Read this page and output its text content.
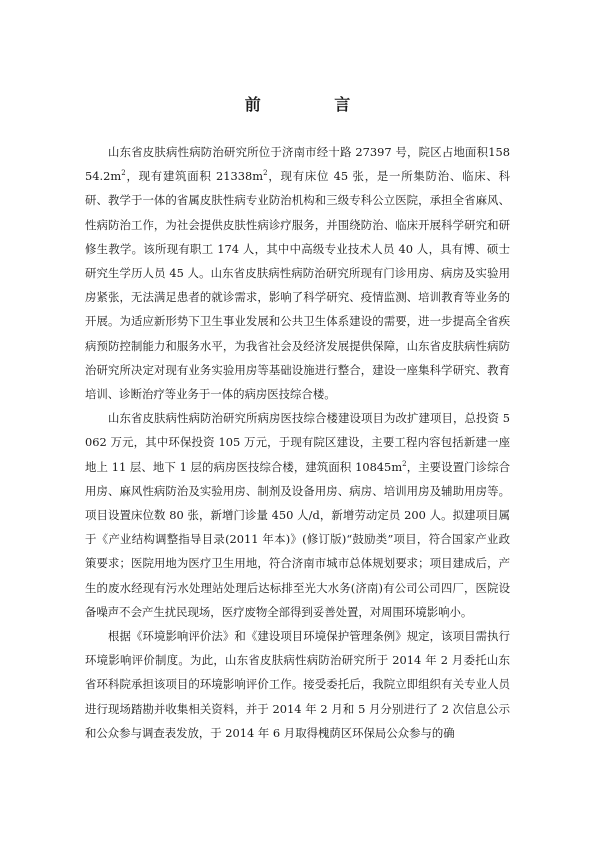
前 言

山东省皮肤病性病防治研究所位于济南市经十路 27397 号，院区占地面积$15854.2m^2$，现有建筑面积 $21338m^2$，现有床位 45 张，是一所集防治、临床、科研、教学于一体的省属皮肤性病专业防治机构和三级专科公立医院，承担全省麻风、性病防治工作，为社会提供皮肤性病诊疗服务，并围绕防治、临床开展科学研究和研修生教学。该所现有职工 174 人，其中中高级专业技术人员 40 人，具有博、硕士研究生学历人员 45 人。山东省皮肤病性病防治研究所现有门诊用房、病房及实验用房紧张，无法满足患者的就诊需求，影响了科学研究、疫情监测、培训教育等业务的开展。为适应新形势下卫生事业发展和公共卫生体系建设的需要，进一步提高全省疾病预防控制能力和服务水平，为我省社会及经济发展提供保障，山东省皮肤病性病防治研究所决定对现有业务实验用房等基础设施进行整合，建设一座集科学研究、教育培训、诊断治疗等业务于一体的病房医技综合楼。

山东省皮肤病性病防治研究所病房医技综合楼建设项目为改扩建项目，总投资 5062 万元，其中环保投资 105 万元，于现有院区建设，主要工程内容包括新建一座地上 11 层、地下 1 层的病房医技综合楼，建筑面积 $10845m^2$，主要设置门诊综合用房、麻风性病防治及实验用房、制剂及设备用房、病房、培训用房及辅助用房等。项目设置床位数 80 张，新增门诊量 450 人/d，新增劳动定员 200 人。拟建项目属于《产业结构调整指导目录(2011 年本)》(修订版)“鼓励类”项目，符合国家产业政策要求；医院用地为医疗卫生用地，符合济南市城市总体规划要求；项目建成后，产生的废水经现有污水处理站处理后达标排至光大水务(济南)有公司公司四厂，医院设备噪声不会产生扰民现场，医疗废物全部得到妥善处置，对周围环境影响小。

根据《环境影响评价法》和《建设项目环境保护管理条例》规定，该项目需执行环境影响评价制度。为此，山东省皮肤病性病防治研究所于 2014 年 2 月委托山东省环科院承担该项目的环境影响评价工作。接受委托后，我院立即组织有关专业人员进行现场踏勘并收集相关资料，并于 2014 年 2 月和 5 月分别进行了 2 次信息公示和公众参与调查表发放，于 2014 年 6 月取得槐荫区环保局公众参与的确
